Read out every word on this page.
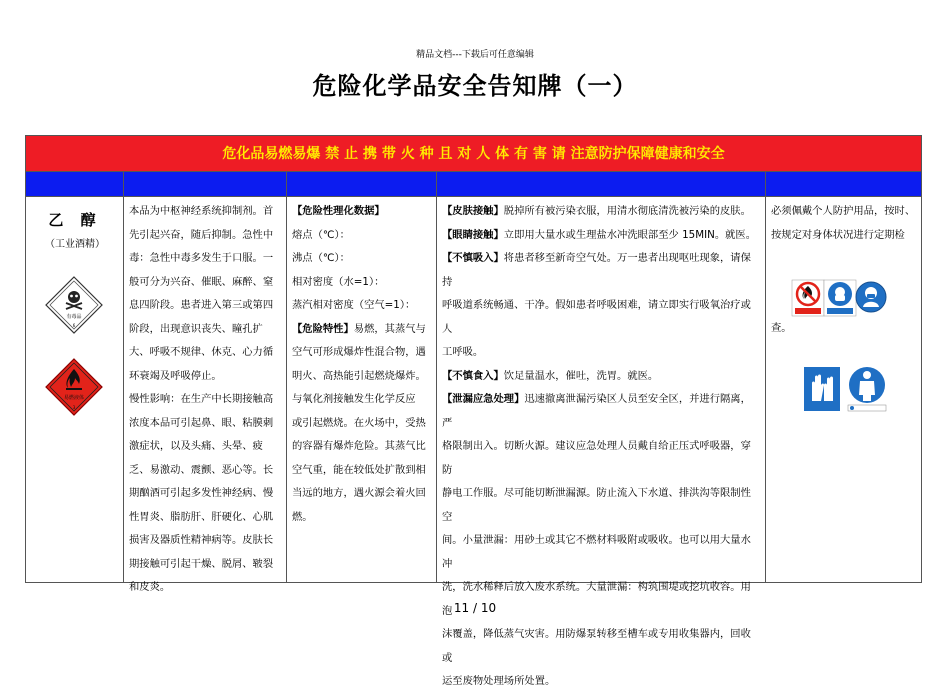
精品文档---下载后可任意编辑
危险化学品安全告知牌（一）
危化品易燃易爆 禁 止 携 带 火 种 且 对 人 体 有 害 请 注意防护保障健康和安全
乙 醇
（工业酒精）
有毒品
6
易燃液体
3

本品为中枢神经系统抑制剂。首

先引起兴奋，随后抑制。急性中

毒：急性中毒多发生于口服。一

般可分为兴奋、催眠、麻醉、窒

息四阶段。患者进入第三或第四

阶段，出现意识丧失、瞳孔扩

大、呼吸不规律、休克、心力循

环衰竭及呼吸停止。

慢性影响：在生产中长期接触高

浓度本品可引起鼻、眼、粘膜刺

激症状，以及头痛、头晕、疲

乏、易激动、震颤、恶心等。长

期酗酒可引起多发性神经病、慢

性胃炎、脂肪肝、肝硬化、心肌

损害及器质性精神病等。皮肤长

期接触可引起干燥、脱屑、皲裂

和皮炎。

【危险性理化数据】

熔点（℃）：

沸点（℃）：

相对密度（水=1）：

蒸汽相对密度（空气=1）：

【危险特性】易燃，其蒸气与

空气可形成爆炸性混合物，遇

明火、高热能引起燃烧爆炸。

与氧化剂接触发生化学反应

或引起燃烧。在火场中，受热

的容器有爆炸危险。其蒸气比

空气重，能在较低处扩散到相

当远的地方，遇火源会着火回

燃。

【皮肤接触】脱掉所有被污染衣服，用清水彻底清洗被污染的皮肤。

【眼睛接触】立即用大量水或生理盐水冲洗眼部至少 15MIN。就医。

【不慎吸入】将患者移至新奇空气处。万一患者出现呕吐现象，请保持

呼吸道系统畅通、干净。假如患者呼吸困难，请立即实行吸氧治疗或人

工呼吸。

【不慎食入】饮足量温水，催吐，洗胃。就医。

【泄漏应急处理】迅速撤离泄漏污染区人员至安全区，并进行隔离，严

格限制出入。切断火源。建议应急处理人员戴自给正压式呼吸器，穿防

静电工作服。尽可能切断泄漏源。防止流入下水道、排洪沟等限制性空

间。小量泄漏：用砂土或其它不燃材料吸附或吸收。也可以用大量水冲

洗，洗水稀释后放入废水系统。大量泄漏：构筑围堤或挖坑收容。用泡

沫覆盖，降低蒸气灾害。用防爆泵转移至槽车或专用收集器内，回收或

运至废物处理场所处置。

必须佩戴个人防护用品，按时、

按规定对身体状况进行定期检

查。
11 / 10
